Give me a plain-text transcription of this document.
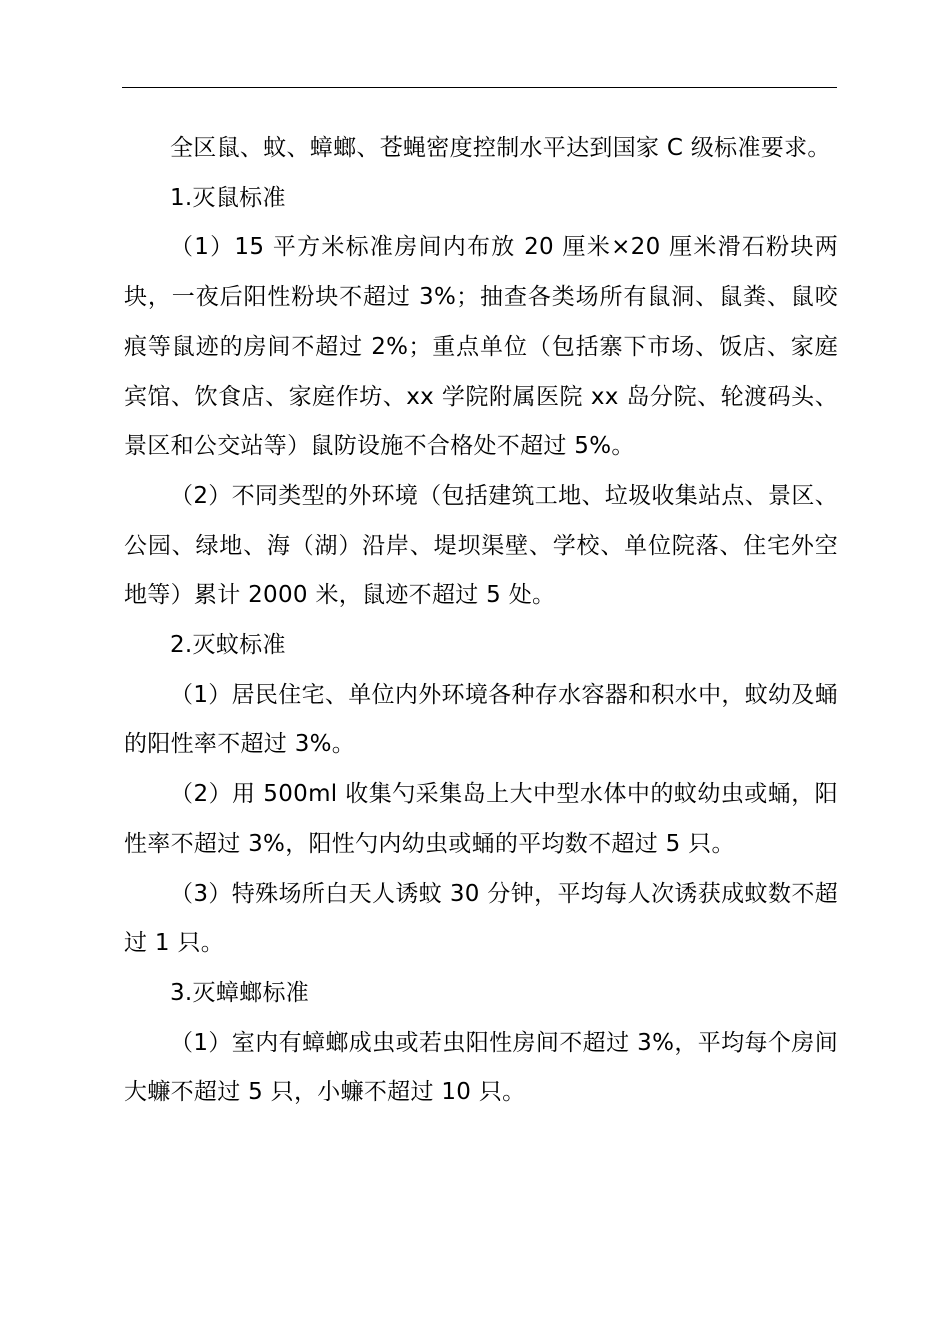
全区鼠、蚊、蟑螂、苍蝇密度控制水平达到国家 C 级标准要求。

1.灭鼠标准

（1）15 平方米标准房间内布放 20 厘米×20 厘米滑石粉块两块，一夜后阳性粉块不超过 3%；抽查各类场所有鼠洞、鼠粪、鼠咬痕等鼠迹的房间不超过 2%；重点单位（包括寨下市场、饭店、家庭宾馆、饮食店、家庭作坊、xx 学院附属医院 xx 岛分院、轮渡码头、景区和公交站等）鼠防设施不合格处不超过 5%。

（2）不同类型的外环境（包括建筑工地、垃圾收集站点、景区、公园、绿地、海（湖）沿岸、堤坝渠壁、学校、单位院落、住宅外空地等）累计 2000 米，鼠迹不超过 5 处。

2.灭蚊标准

（1）居民住宅、单位内外环境各种存水容器和积水中，蚊幼及蛹的阳性率不超过 3%。

（2）用 500ml 收集勺采集岛上大中型水体中的蚊幼虫或蛹，阳性率不超过 3%，阳性勺内幼虫或蛹的平均数不超过 5 只。

（3）特殊场所白天人诱蚊 30 分钟，平均每人次诱获成蚊数不超过 1 只。

3.灭蟑螂标准

（1）室内有蟑螂成虫或若虫阳性房间不超过 3%，平均每个房间大蠊不超过 5 只，小蠊不超过 10 只。
